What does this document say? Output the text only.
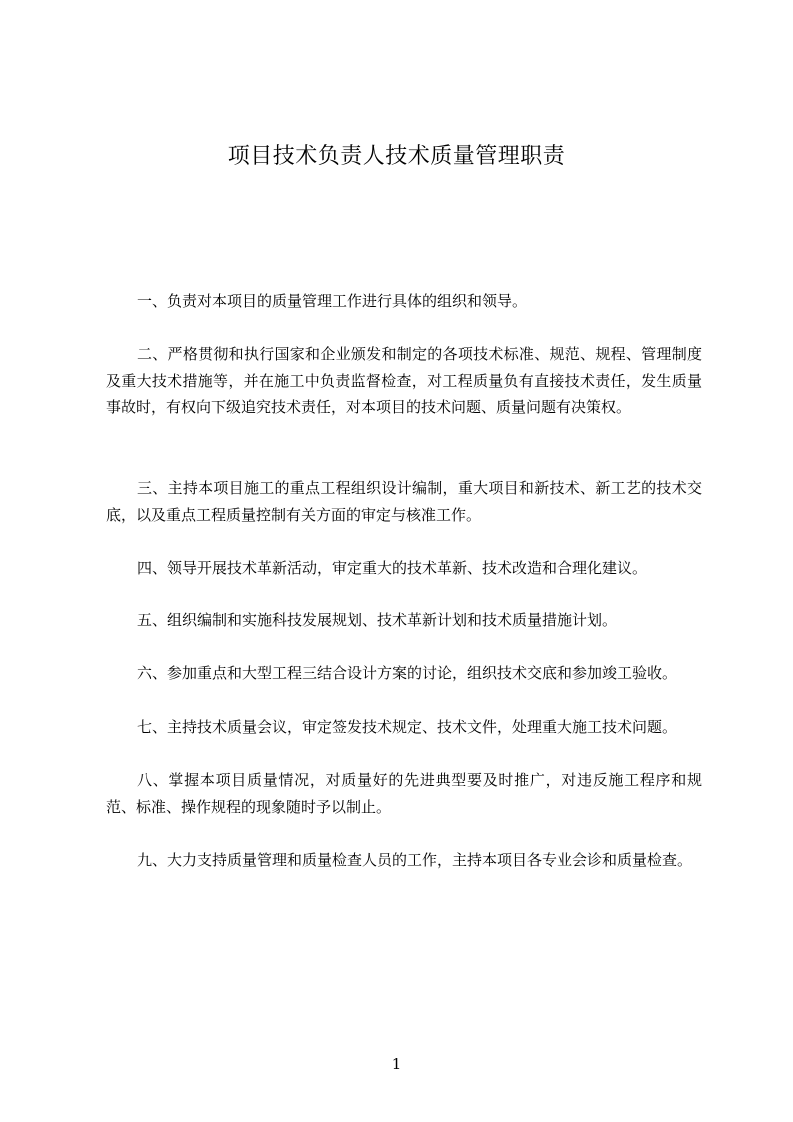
项目技术负责人技术质量管理职责

一、负责对本项目的质量管理工作进行具体的组织和领导。

二、严格贯彻和执行国家和企业颁发和制定的各项技术标准、规范、规程、管理制度及重大技术措施等，并在施工中负责监督检查，对工程质量负有直接技术责任，发生质量事故时，有权向下级追究技术责任，对本项目的技术问题、质量问题有决策权。

三、主持本项目施工的重点工程组织设计编制，重大项目和新技术、新工艺的技术交底，以及重点工程质量控制有关方面的审定与核准工作。

四、领导开展技术革新活动，审定重大的技术革新、技术改造和合理化建议。

五、组织编制和实施科技发展规划、技术革新计划和技术质量措施计划。

六、参加重点和大型工程三结合设计方案的讨论，组织技术交底和参加竣工验收。

七、主持技术质量会议，审定签发技术规定、技术文件，处理重大施工技术问题。

八、掌握本项目质量情况，对质量好的先进典型要及时推广，对违反施工程序和规范、标准、操作规程的现象随时予以制止。

九、大力支持质量管理和质量检查人员的工作，主持本项目各专业会诊和质量检查。

1
